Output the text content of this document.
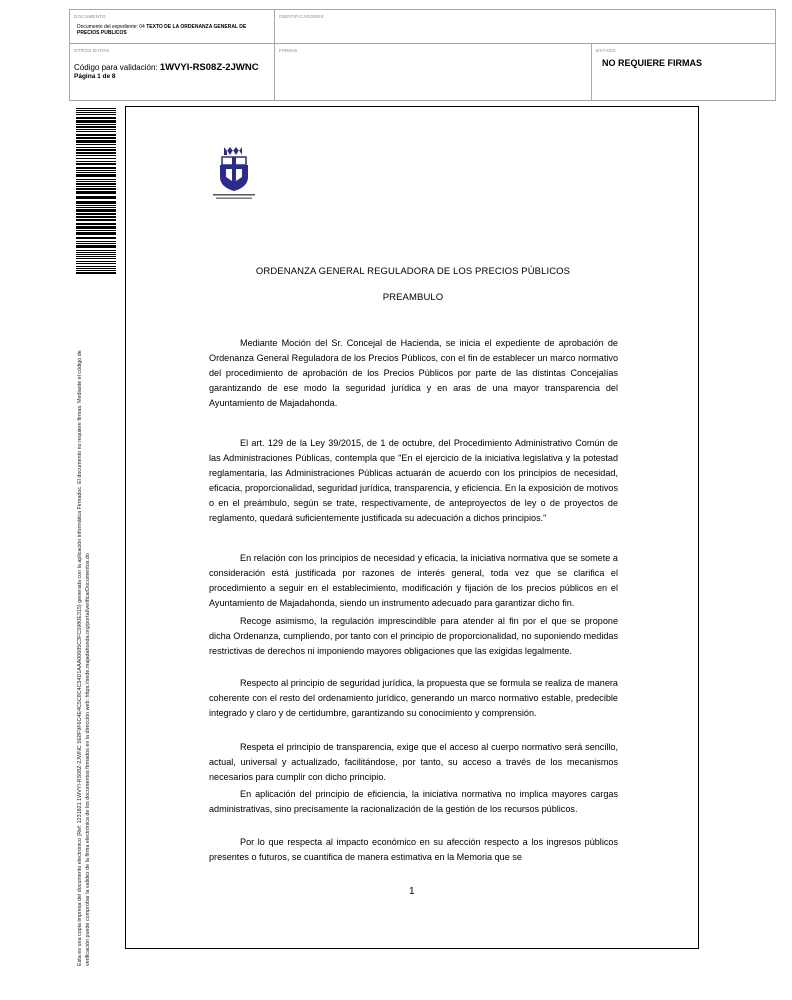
DOCUMENTO
Documento del expediente: 04 TEXTO DE LA ORDENANZA GENERAL DE PRECIOS PUBLICOS
IDENTIFICADORES
OTROS DATOS
Código para validación: 1WVYI-RS08Z-2JWNC
Página 1 de 8
FIRMAS	ESTADO
NO REQUIERE FIRMAS
Esta es una copia impresa del documento electrónico (Ref: 1231821 1WVYI-RS08Z-2JWNC 5E8F9F6C4E4C5C8C4C54D1AAA00685C3FC5980E315) generada con la aplicación informática Firmadoc. El documento no requiere firmas. Mediante el código de verificación puede comprobar la validez de la firma electrónica de los documentos firmados en la dirección web: https://sede.majadahonda.org/portal/verificarDocumentos.do
ORDENANZA GENERAL REGULADORA DE LOS PRECIOS PÚBLICOS
PREAMBULO
Mediante Moción del Sr. Concejal de Hacienda, se inicia el expediente de aprobación de Ordenanza General Reguladora de los Precios Públicos, con el fin de establecer un marco normativo del procedimiento de aprobación de los Precios Públicos por parte de las distintas Concejalías garantizando de ese modo la seguridad jurídica y en aras de una mayor transparencia del Ayuntamiento de Majadahonda.
El art. 129 de la Ley 39/2015, de 1 de octubre, del Procedimiento Administrativo Común de las Administraciones Públicas, contempla que "En el ejercicio de la iniciativa legislativa y la potestad reglamentaria, las Administraciones Públicas actuarán de acuerdo con los principios de necesidad, eficacia, proporcionalidad, seguridad jurídica, transparencia, y eficiencia. En la exposición de motivos o en el preámbulo, según se trate, respectivamente, de anteproyectos de ley o de proyectos de reglamento, quedará suficientemente justificada su adecuación a dichos principios."
En relación con los principios de necesidad y eficacia, la iniciativa normativa que se somete a consideración está justificada por razones de interés general, toda vez que se clarifica el procedimiento a seguir en el establecimiento, modificación y fijación de los precios públicos en el Ayuntamiento de Majadahonda, siendo un instrumento adecuado para garantizar dicho fin.
Recoge asimismo, la regulación imprescindible para atender al fin por el que se propone dicha Ordenanza, cumpliendo, por tanto con el principio de proporcionalidad, no suponiendo medidas restrictivas de derechos ni imponiendo mayores obligaciones que las exigidas legalmente.
Respecto al principio de seguridad jurídica, la propuesta que se formula se realiza de manera coherente con el resto del ordenamiento jurídico, generando un marco normativo estable, predecible integrado y claro y de certidumbre, garantizando su conocimiento y comprensión.
Respeta el principio de transparencia, exige que el acceso al cuerpo normativo será sencillo, actual, universal y actualizado, facilitándose, por tanto, su acceso a través de los mecanismos necesarios para cumplir con dicho principio.
En aplicación del principio de eficiencia, la iniciativa normativa no implica mayores cargas administrativas, sino precisamente la racionalización de la gestión de los recursos públicos.
Por lo que respecta al impacto económico en su afección respecto a los ingresos públicos presentes o futuros, se cuantifica de manera estimativa en la Memoria que se
1
